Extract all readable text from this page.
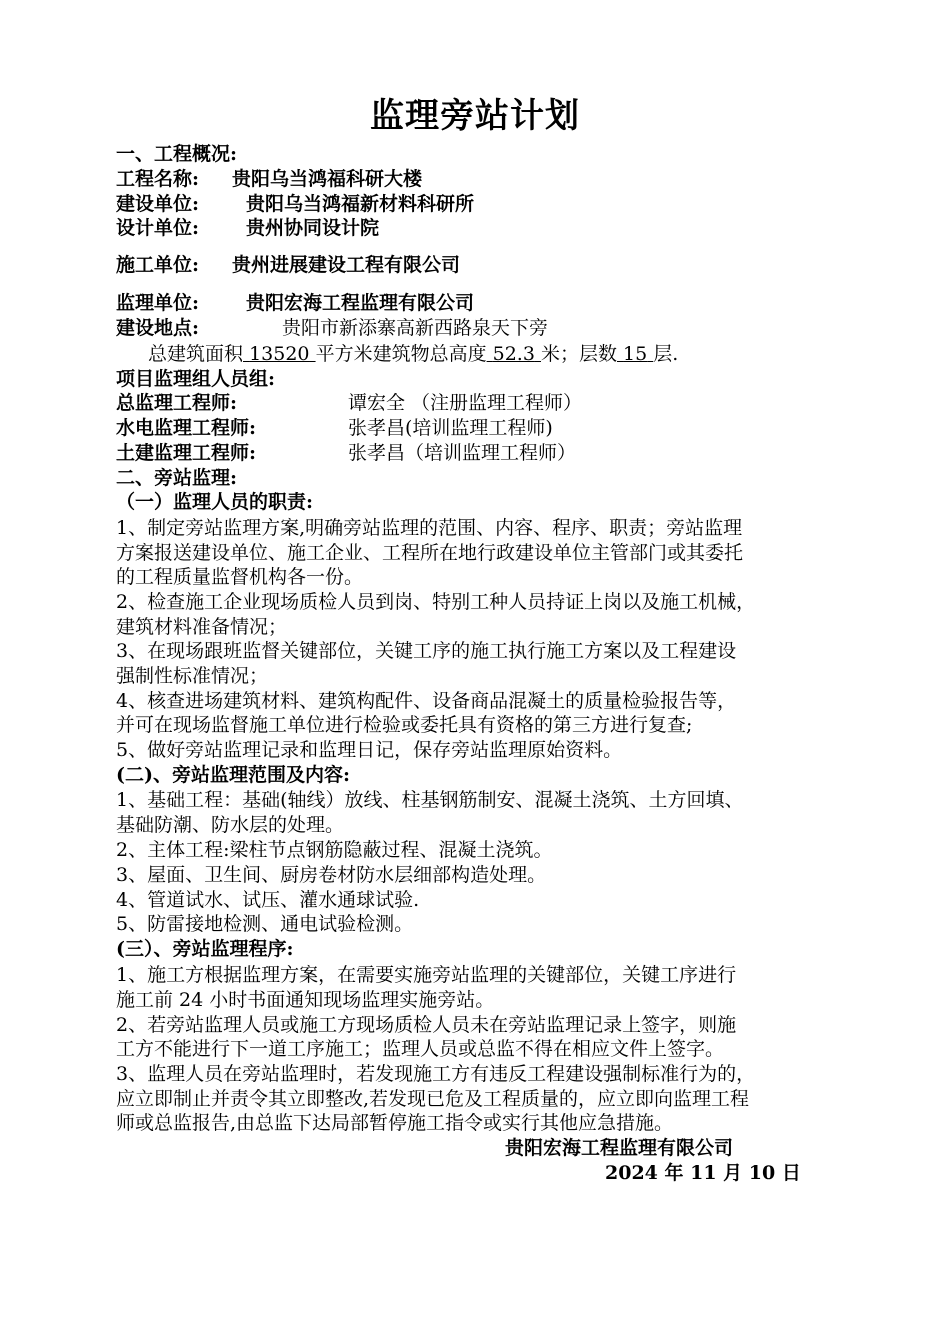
监理旁站计划
一、工程概况:
工程名称: 贵阳乌当鸿福科研大楼
建设单位: 贵阳乌当鸿福新材料科研所
设计单位: 贵州协同设计院
施工单位: 贵州进展建设工程有限公司
监理单位: 贵阳宏海工程监理有限公司
建设地点:	贵阳市新添寨高新西路泉天下旁
总建筑面积 13520 平方米建筑物总高度 52.3 米；层数 15 层.
项目监理组人员组:
总监理工程师:	谭宏全 （注册监理工程师）
水电监理工程师:	张孝昌(培训监理工程师)
土建监理工程师:	张孝昌（培训监理工程师）
二、旁站监理:
（一）监理人员的职责:
1、制定旁站监理方案,明确旁站监理的范围、内容、程序、职责；旁站监理
方案报送建设单位、施工企业、工程所在地行政建设单位主管部门或其委托
的工程质量监督机构各一份。
2、检查施工企业现场质检人员到岗、特别工种人员持证上岗以及施工机械，
建筑材料准备情况；
3、在现场跟班监督关键部位，关键工序的施工执行施工方案以及工程建设
强制性标准情况；
4、核查进场建筑材料、建筑构配件、设备商品混凝土的质量检验报告等，
并可在现场监督施工单位进行检验或委托具有资格的第三方进行复查;
5、做好旁站监理记录和监理日记，保存旁站监理原始资料。
(二)、旁站监理范围及内容:
1、基础工程：基础(轴线）放线、柱基钢筋制安、混凝土浇筑、土方回填、
基础防潮、防水层的处理。
2、主体工程:梁柱节点钢筋隐蔽过程、混凝土浇筑。
3、屋面、卫生间、厨房卷材防水层细部构造处理。
4、管道试水、试压、灌水通球试验.
5、防雷接地检测、通电试验检测。
(三）、旁站监理程序:
1、施工方根据监理方案，在需要实施旁站监理的关键部位，关键工序进行
施工前 24 小时书面通知现场监理实施旁站。
2、若旁站监理人员或施工方现场质检人员未在旁站监理记录上签字，则施
工方不能进行下一道工序施工；监理人员或总监不得在相应文件上签字。
3、监理人员在旁站监理时，若发现施工方有违反工程建设强制标准行为的，
应立即制止并责令其立即整改,若发现已危及工程质量的，应立即向监理工程
师或总监报告,由总监下达局部暂停施工指令或实行其他应急措施。
贵阳宏海工程监理有限公司
2024 年 11 月 10 日
